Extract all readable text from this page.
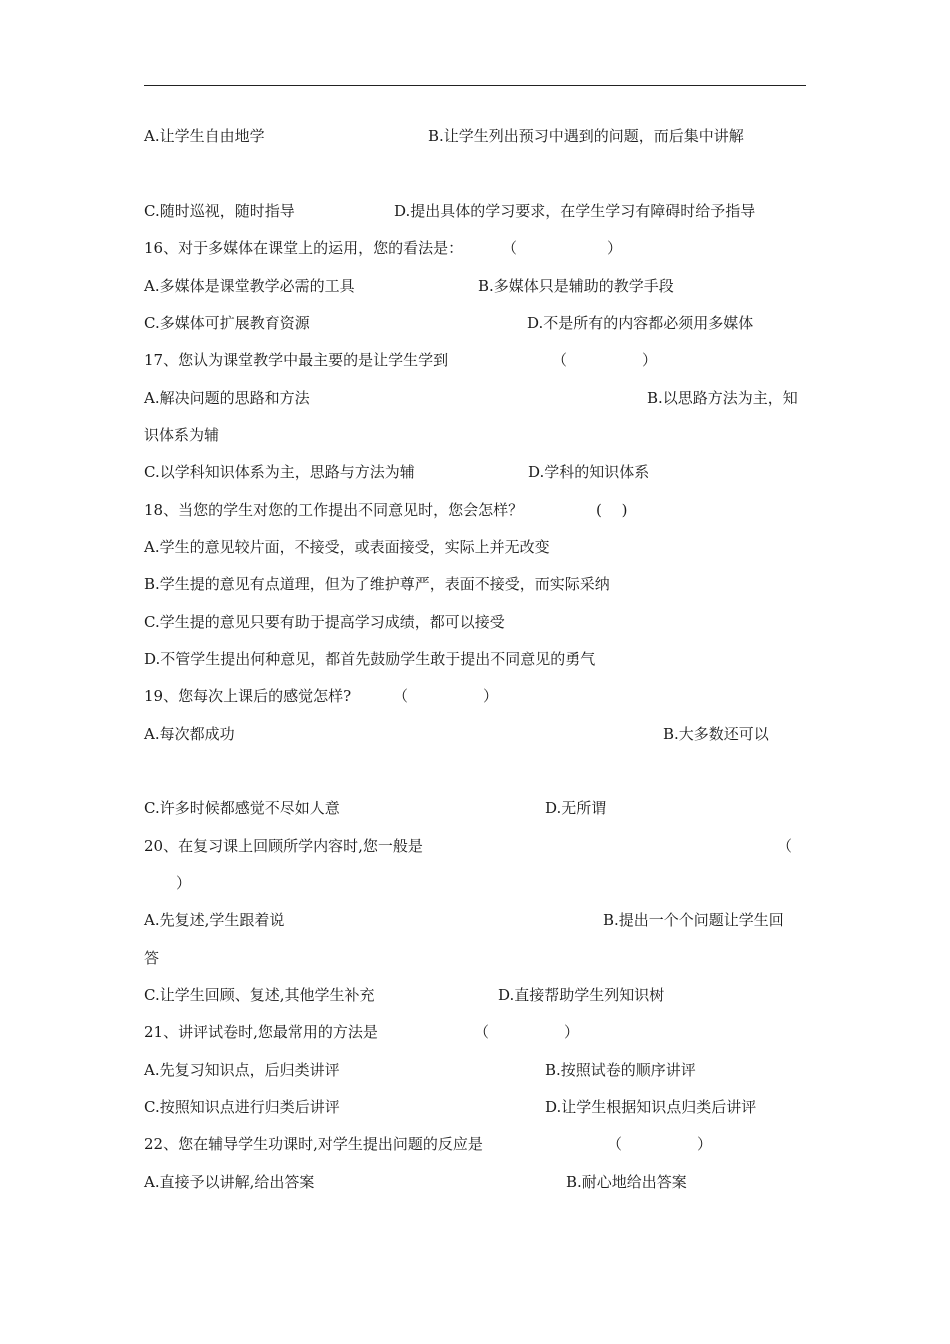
A.让学生自由地学	B.让学生列出预习中遇到的问题，而后集中讲解
C.随时巡视，随时指导	D.提出具体的学习要求，在学生学习有障碍时给予指导
16、对于多媒体在课堂上的运用，您的看法是：	（　　　　　　）
A.多媒体是课堂教学必需的工具	B.多媒体只是辅助的教学手段
C.多媒体可扩展教育资源	D.不是所有的内容都必须用多媒体
17、您认为课堂教学中最主要的是让学生学到	（　　　　　）
A.解决问题的思路和方法	B.以思路方法为主，知
识体系为辅
C.以学科知识体系为主，思路与方法为辅	D.学科的知识体系
18、当您的学生对您的工作提出不同意见时，您会怎样？	(　 )
A.学生的意见较片面，不接受，或表面接受，实际上并无改变
B.学生提的意见有点道理，但为了维护尊严，表面不接受，而实际采纳
C.学生提的意见只要有助于提高学习成绩，都可以接受
D.不管学生提出何种意见，都首先鼓励学生敢于提出不同意见的勇气
19、您每次上课后的感觉怎样?	（　　　　　）
A.每次都成功	B.大多数还可以
C.许多时候都感觉不尽如人意	D.无所谓
20、在复习课上回顾所学内容时,您一般是	（
）
A.先复述,学生跟着说	B.提出一个个问题让学生回
答
C.让学生回顾、复述,其他学生补充	D.直接帮助学生列知识树
21、讲评试卷时,您最常用的方法是	（　　　　　）
A.先复习知识点，后归类讲评	B.按照试卷的顺序讲评
C.按照知识点进行归类后讲评	D.让学生根据知识点归类后讲评
22、您在辅导学生功课时,对学生提出问题的反应是	（　　　　　）
A.直接予以讲解,给出答案	B.耐心地给出答案
